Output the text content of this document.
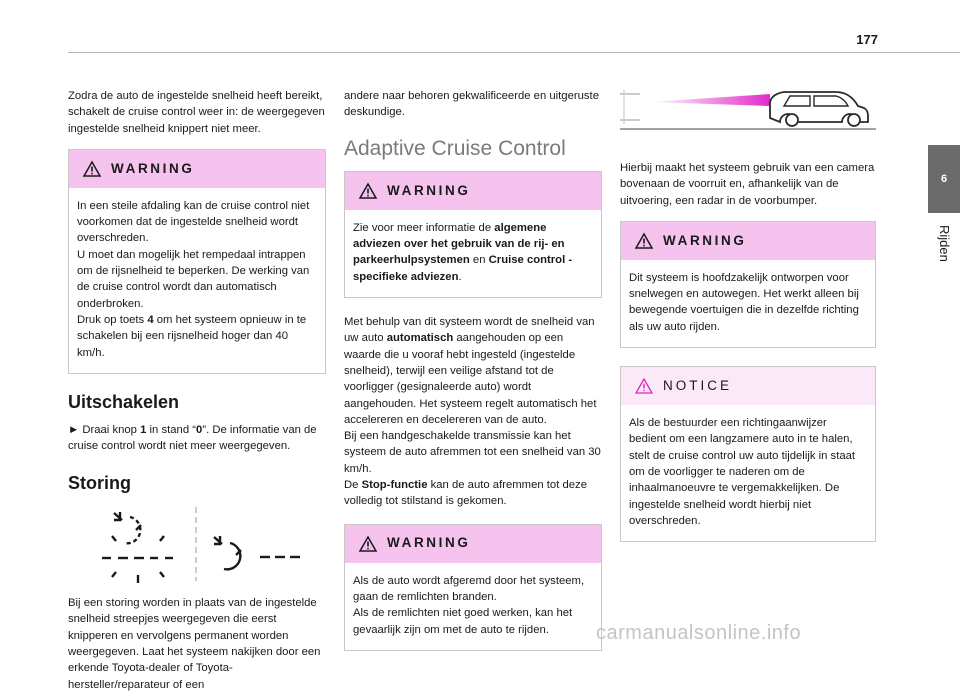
177
6
Rijden

Zodra de auto de ingestelde snelheid heeft bereikt, schakelt de cruise control weer in: de weergegeven ingestelde snelheid knippert niet meer.

WARNING

In een steile afdaling kan de cruise control niet voorkomen dat de ingestelde snelheid wordt overschreden.

U moet dan mogelijk het rempedaal intrappen om de rijsnelheid te beperken. De werking van de cruise control wordt dan automatisch onderbroken.

Druk op toets 4 om het systeem opnieuw in te schakelen bij een rijsnelheid hoger dan 40 km/h.

Uitschakelen

► Draai knop 1 in stand “0”. De informatie van de cruise control wordt niet meer weergegeven.

Storing

Bij een storing worden in plaats van de ingestelde snelheid streepjes weergegeven die eerst knipperen en vervolgens permanent worden weergegeven. Laat het systeem nakijken door een erkende Toyota-dealer of Toyota-hersteller/reparateur of een

andere naar behoren gekwalificeerde en uitgeruste deskundige.

Adaptive Cruise Control
WARNING

Zie voor meer informatie de algemene adviezen over het gebruik van de rij- en parkeerhulpsystemen en Cruise control - specifieke adviezen.

Met behulp van dit systeem wordt de snelheid van uw auto automatisch aangehouden op een waarde die u vooraf hebt ingesteld (ingestelde snelheid), terwijl een veilige afstand tot de voorligger (gesignaleerde auto) wordt aangehouden. Het systeem regelt automatisch het accelereren en decelereren van de auto.

Bij een handgeschakelde transmissie kan het systeem de auto afremmen tot een snelheid van 30 km/h.

De Stop-functie kan de auto afremmen tot deze volledig tot stilstand is gekomen.

WARNING

Als de auto wordt afgeremd door het systeem, gaan de remlichten branden.

Als de remlichten niet goed werken, kan het gevaarlijk zijn om met de auto te rijden.

Hierbij maakt het systeem gebruik van een camera bovenaan de voorruit en, afhankelijk van de uitvoering, een radar in de voorbumper.

WARNING

Dit systeem is hoofdzakelijk ontworpen voor snelwegen en autowegen. Het werkt alleen bij bewegende voertuigen die in dezelfde richting als uw auto rijden.

NOTICE

Als de bestuurder een richtingaanwijzer bedient om een langzamere auto in te halen, stelt de cruise control uw auto tijdelijk in staat om de voorligger te naderen om de inhaalmanoeuvre te vergemakkelijken. De ingestelde snelheid wordt hierbij niet overschreden.

carmanualsonline.info
